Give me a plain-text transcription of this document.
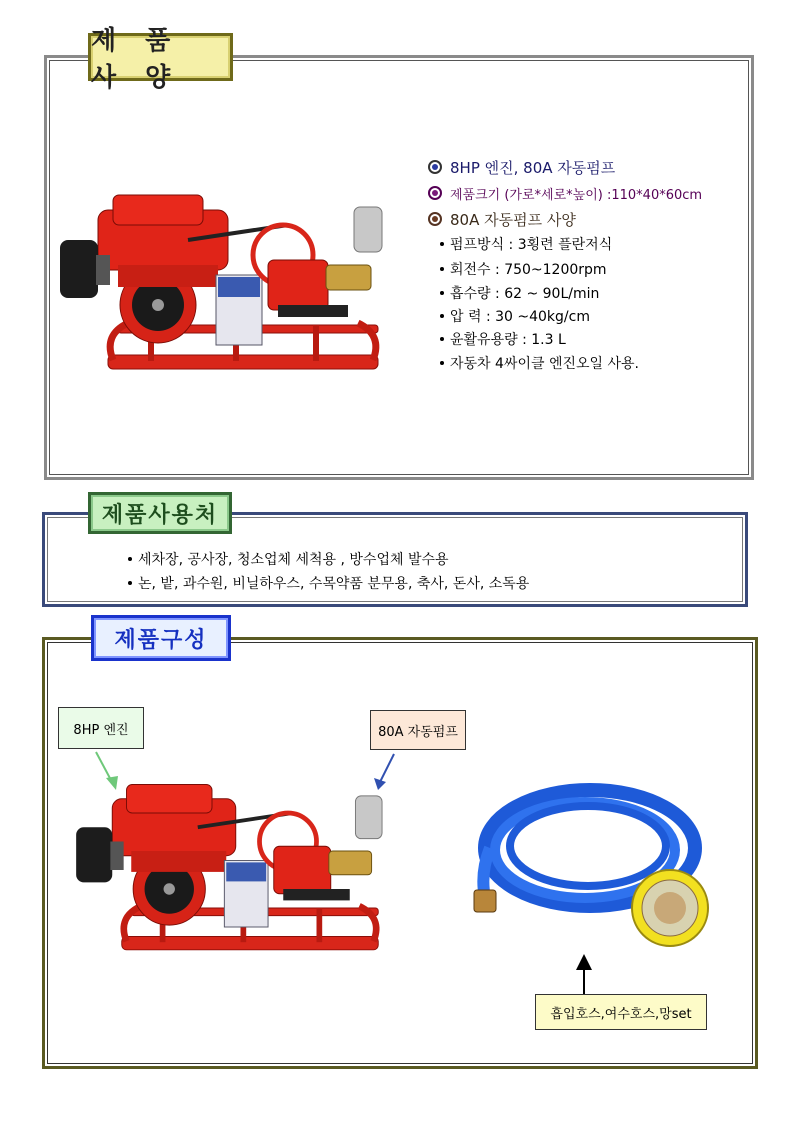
제 품 사 양
8HP 엔진, 80A 자동펌프
제품크기 (가로*세로*높이) :110*40*60cm
80A 자동펌프 사양
펌프방식 : 3횡련 플란저식
회전수 : 750~1200rpm
흡수량 : 62 ~ 90L/min
압 력 : 30 ~40kg/cm
윤활유용량 : 1.3 L
자동차 4싸이클 엔진오일 사용.
제품사용처
세차장, 공사장, 청소업체 세척용 , 방수업체 발수용
논, 밭, 과수원, 비닐하우스, 수목약품 분무용, 축사, 돈사, 소독용
제품구성
8HP 엔진	80A 자동펌프
흡입호스,여수호스,망set
